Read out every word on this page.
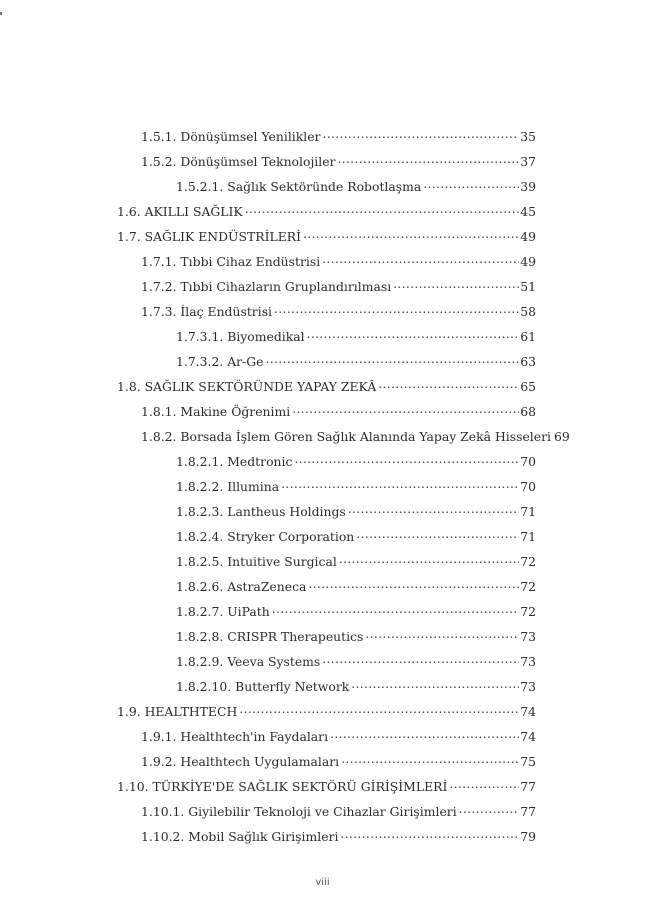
1.5.1. Dönüşümsel Yenilikler .....	35
1.5.2. Dönüşümsel Teknolojiler .....	37
1.5.2.1. Sağlık Sektöründe Robotlaşma .....	39
1.6. AKILLI SAĞLIK .....	45
1.7. SAĞLIK ENDÜSTRİLERİ .....	49
1.7.1. Tıbbi Cihaz Endüstrisi .....	49
1.7.2. Tıbbi Cihazların Gruplandırılması .....	51
1.7.3. İlaç Endüstrisi .....	58
1.7.3.1. Biyomedikal .....	61
1.7.3.2. Ar-Ge .....	63
1.8. SAĞLIK SEKTÖRÜNDE YAPAY ZEKÂ .....	65
1.8.1. Makine Öğrenimi .....	68
1.8.2. Borsada İşlem Gören Sağlık Alanında Yapay Zekâ Hisseleri 69
1.8.2.1. Medtronic .....	70
1.8.2.2. Illumina .....	70
1.8.2.3. Lantheus Holdings .....	71
1.8.2.4. Stryker Corporation .....	71
1.8.2.5. Intuitive Surgical .....	72
1.8.2.6. AstraZeneca .....	72
1.8.2.7. UiPath .....	72
1.8.2.8. CRISPR Therapeutics .....	73
1.8.2.9. Veeva Systems .....	73
1.8.2.10. Butterfly Network .....	73
1.9. HEALTHTECH .....	74
1.9.1. Healthtech'in Faydaları .....	74
1.9.2. Healthtech Uygulamaları .....	75
1.10. TÜRKİYE'DE SAĞLIK SEKTÖRÜ GİRİŞİMLERİ .....	77
1.10.1. Giyilebilir Teknoloji ve Cihazlar Girişimleri .....	77
1.10.2. Mobil Sağlık Girişimleri .....	79
viii
